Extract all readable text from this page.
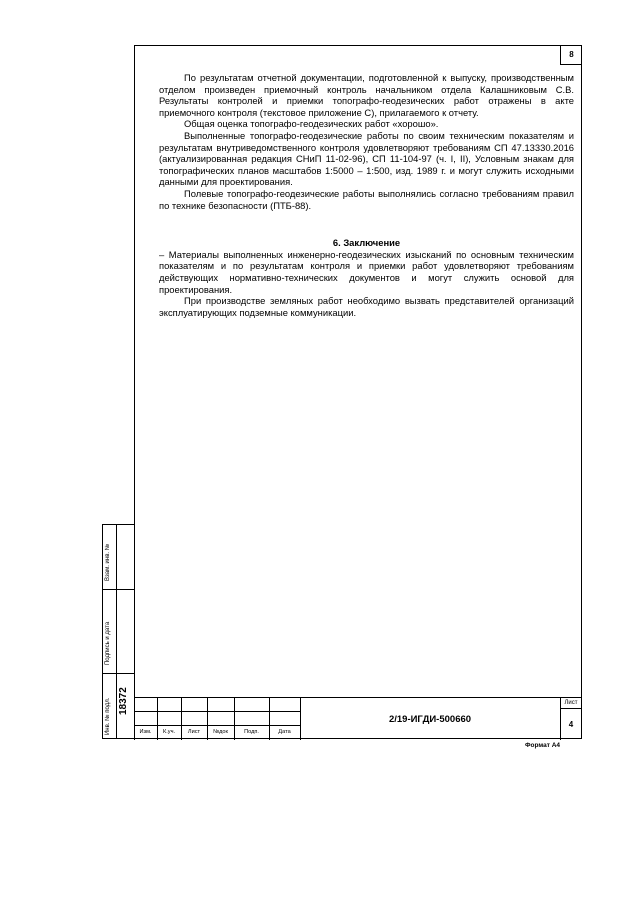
8

По результатам отчетной документации, подготовленной к выпуску, производственным отделом произведен приемочный контроль начальником отдела Калашниковым С.В. Результаты контролей и приемки топографо-геодезических работ отражены в акте приемочного контроля (текстовое приложение С), прилагаемого к отчету.

Общая оценка топографо-геодезических работ «хорошо».

Выполненные топографо-геодезические работы по своим техническим показателям и результатам внутриведомственного контроля удовлетворяют требованиям СП 47.13330.2016 (актуализированная редакция СНиП 11-02-96), СП 11-104-97 (ч. I, II), Условным знакам для топографических планов масштабов 1:5000 – 1:500, изд. 1989 г. и могут служить исходными данными для проектирования.

Полевые топографо-геодезические работы выполнялись согласно требованиям правил по технике безопасности (ПТБ-88).

6. Заключение

– Материалы выполненных инженерно-геодезических изысканий по основным техническим показателям и по результатам контроля и приемки работ удовлетворяют требованиям действующих нормативно-технических документов и могут служить основой для проектирования.

При производстве земляных работ необходимо вызвать представителей организаций эксплуатирующих подземные коммуникации.

Взам. инв. №
Подпись и дата
Инв. № подл. 18372
Изм.	К.уч.	Лист	№док	Подп.	Дата
2/19-ИГДИ-500660
Лист
4
Формат А4
